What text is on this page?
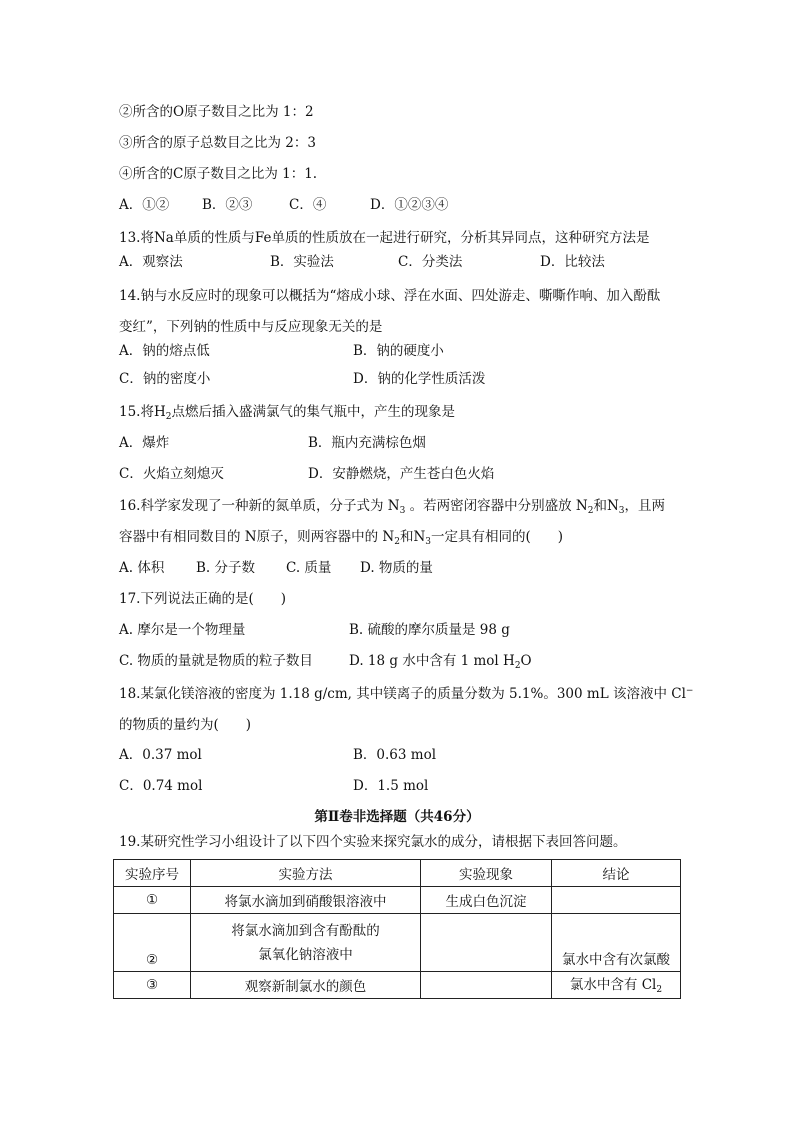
②所含的O原子数目之比为 1：2
③所含的原子总数目之比为 2：3
④所含的C原子数目之比为 1：1.
A．①② B．②③	C．④	D．①②③④
13.将Na单质的性质与Fe单质的性质放在一起进行研究，分析其异同点，这种研究方法是
A．观察法	B．实验法	C．分类法	D．比较法
14.钠与水反应时的现象可以概括为“熔成小球、浮在水面、四处游走、嘶嘶作响、加入酚酞
变红”，下列钠的性质中与反应现象无关的是
A．钠的熔点低	B．钠的硬度小
C．钠的密度小	D．钠的化学性质活泼
15.将$H_2$点燃后插入盛满氯气的集气瓶中，产生的现象是
A．爆炸	B．瓶内充满棕色烟
C．火焰立刻熄灭	D．安静燃烧，产生苍白色火焰
16.科学家发现了一种新的氮单质，分子式为 $N_3$ 。若两密闭容器中分别盛放 $N_2$和$N_3$，且两
容器中有相同数目的 N原子，则两容器中的 $N_2$和$N_3$一定具有相同的(　　)
A. 体积 B. 分子数 C. 质量 D. 物质的量
17.下列说法正确的是(　　)
A. 摩尔是一个物理量	B. 硫酸的摩尔质量是 98 g
C. 物质的量就是物质的粒子数目	D. 18 g 水中含有 1 mol $H_2O$
18.某氯化镁溶液的密度为 1.18 g/cm, 其中镁离子的质量分数为 5.1%。300 mL 该溶液中 Cl−
的物质的量约为(　　)
A．0.37 mol	B．0.63 mol
C．0.74 mol	D．1.5 mol
第Ⅱ卷非选择题（共46分）
19.某研究性学习小组设计了以下四个实验来探究氯水的成分，请根据下表回答问题。
实验序号	实验方法	实验现象	结论
①	将氯水滴加到硝酸银溶液中	生成白色沉淀	
②	将氯水滴加到含有酚酞的
氯氧化钠溶液中		氯水中含有次氯酸
③	观察新制氯水的颜色		氯水中含有 $Cl_2$
